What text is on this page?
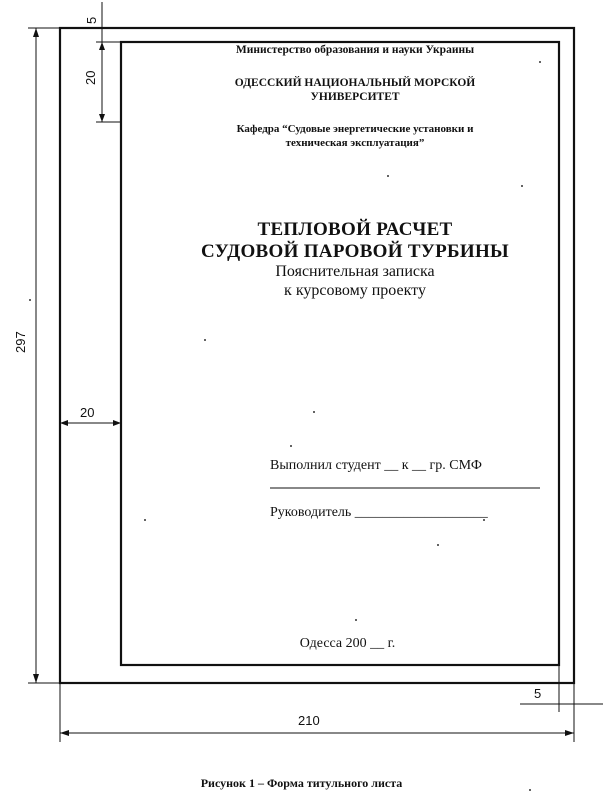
5
20
297
20
5
210
Министерство образования и науки Украины
ОДЕССКИЙ НАЦИОНАЛЬНЫЙ МОРСКОЙ
УНИВЕРСИТЕТ
Кафедра “Судовые энергетические установки и
техническая эксплуатация”
ТЕПЛОВОЙ РАСЧЕТ
СУДОВОЙ ПАРОВОЙ ТУРБИНЫ
Пояснительная записка
к курсовому проекту
Выполнил студент __ к __ гр. СМФ
Руководитель ___________________
Одесса 200 __ г.
Рисунок 1 – Форма титульного листа
